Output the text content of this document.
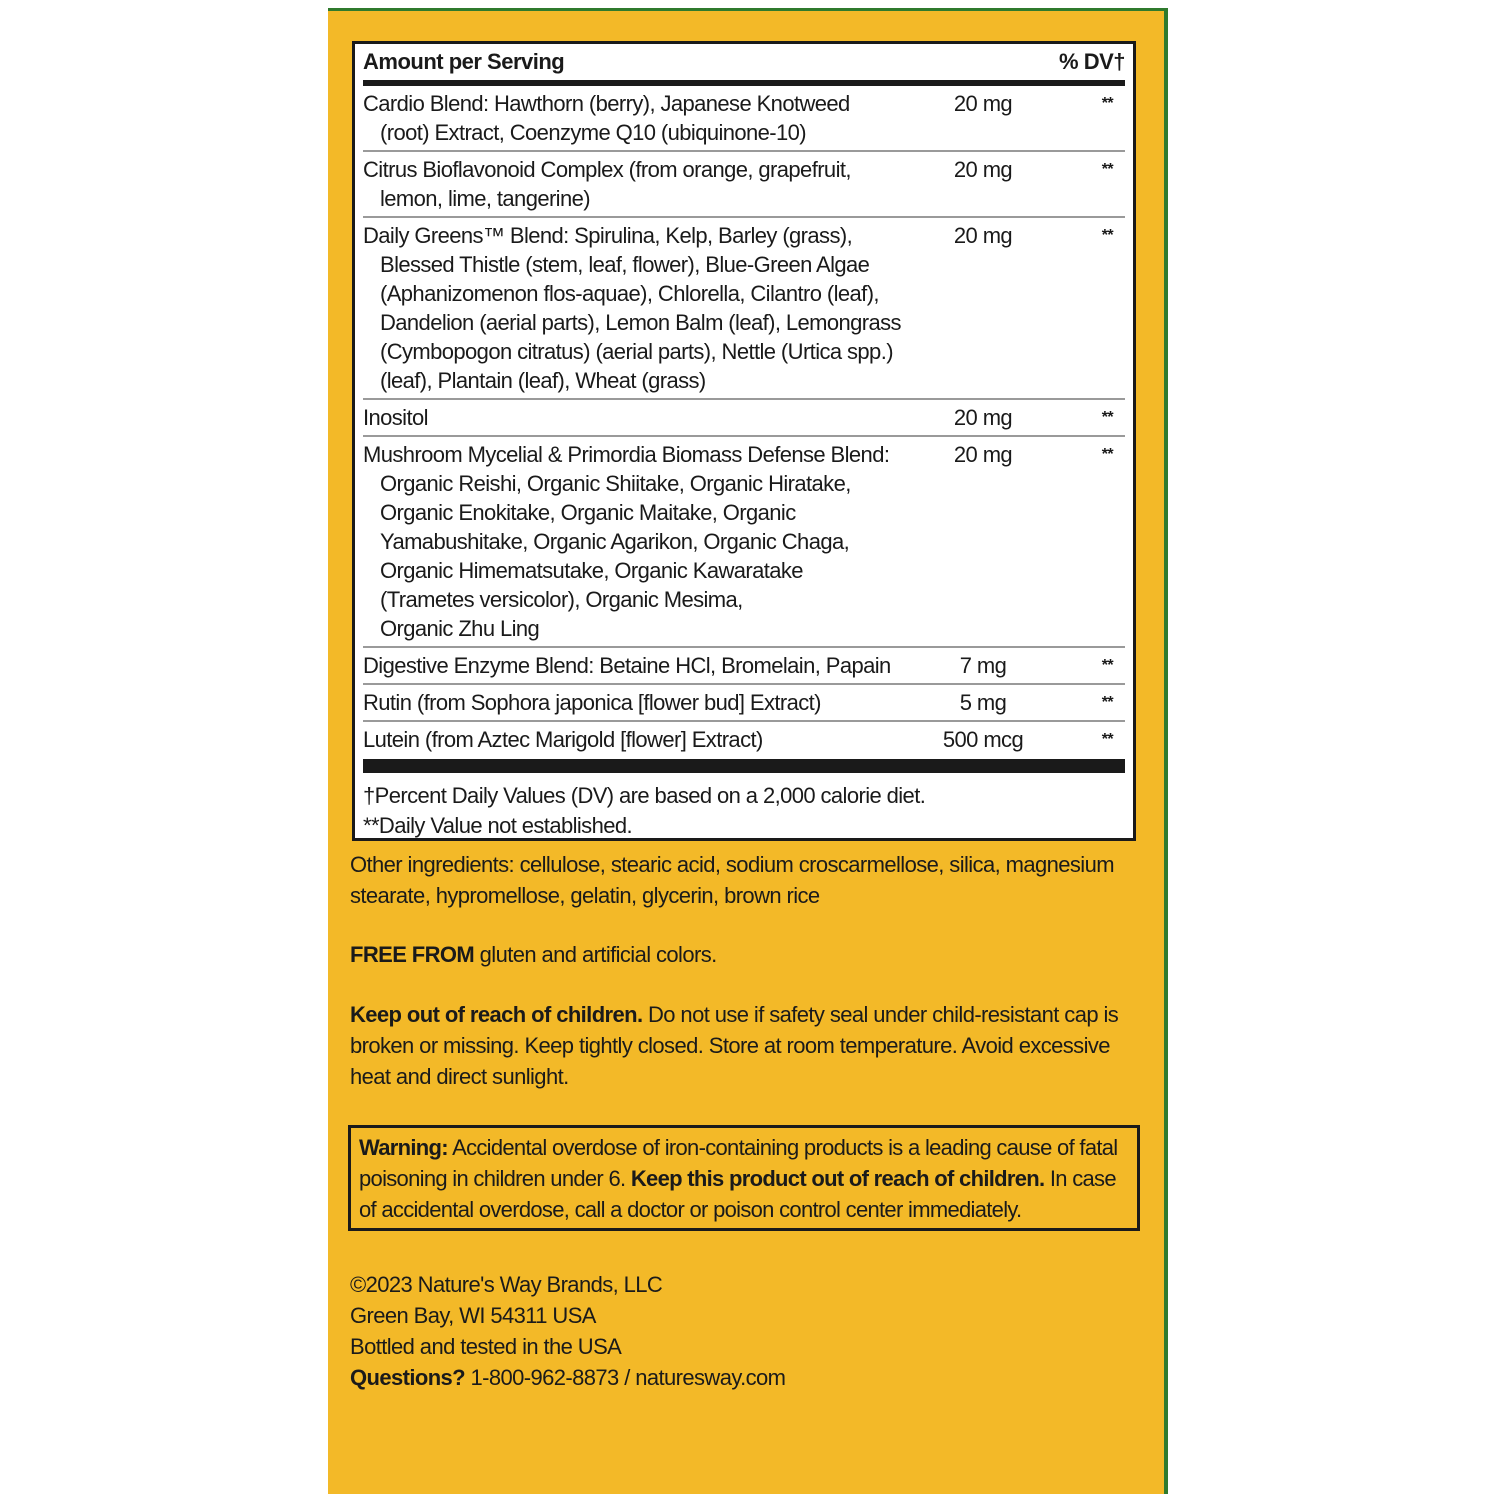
Amount per Serving	% DV†
Cardio Blend: Hawthorn (berry), Japanese Knotweed
(root) Extract, Coenzyme Q10 (ubiquinone-10)
20 mg	**
Citrus Bioflavonoid Complex (from orange, grapefruit,
lemon, lime, tangerine)
20 mg	**
Daily Greens™ Blend: Spirulina, Kelp, Barley (grass),
Blessed Thistle (stem, leaf, flower), Blue-Green Algae
(Aphanizomenon flos-aquae), Chlorella, Cilantro (leaf),
Dandelion (aerial parts), Lemon Balm (leaf), Lemongrass
(Cymbopogon citratus) (aerial parts), Nettle (Urtica spp.)
(leaf), Plantain (leaf), Wheat (grass)
20 mg	**
Inositol	20 mg	**
Mushroom Mycelial & Primordia Biomass Defense Blend:
Organic Reishi, Organic Shiitake, Organic Hiratake,
Organic Enokitake, Organic Maitake, Organic
Yamabushitake, Organic Agarikon, Organic Chaga,
Organic Himematsutake, Organic Kawaratake
(Trametes versicolor), Organic Mesima,
Organic Zhu Ling
20 mg	**
Digestive Enzyme Blend: Betaine HCl, Bromelain, Papain	7 mg	**
Rutin (from Sophora japonica [flower bud] Extract)	5 mg	**
Lutein (from Aztec Marigold [flower] Extract)	500 mcg	**
†Percent Daily Values (DV) are based on a 2,000 calorie diet.
**Daily Value not established.
Other ingredients: cellulose, stearic acid, sodium croscarmellose, silica, magnesium stearate, hypromellose, gelatin, glycerin, brown rice
FREE FROM gluten and artificial colors.
Keep out of reach of children. Do not use if safety seal under child-resistant cap is broken or missing. Keep tightly closed. Store at room temperature. Avoid excessive heat and direct sunlight.
Warning: Accidental overdose of iron-containing products is a leading cause of fatal poisoning in children under 6. Keep this product out of reach of children. In case of accidental overdose, call a doctor or poison control center immediately.
©2023 Nature's Way Brands, LLC
Green Bay, WI 54311 USA
Bottled and tested in the USA
Questions? 1-800-962-8873 / naturesway.com
